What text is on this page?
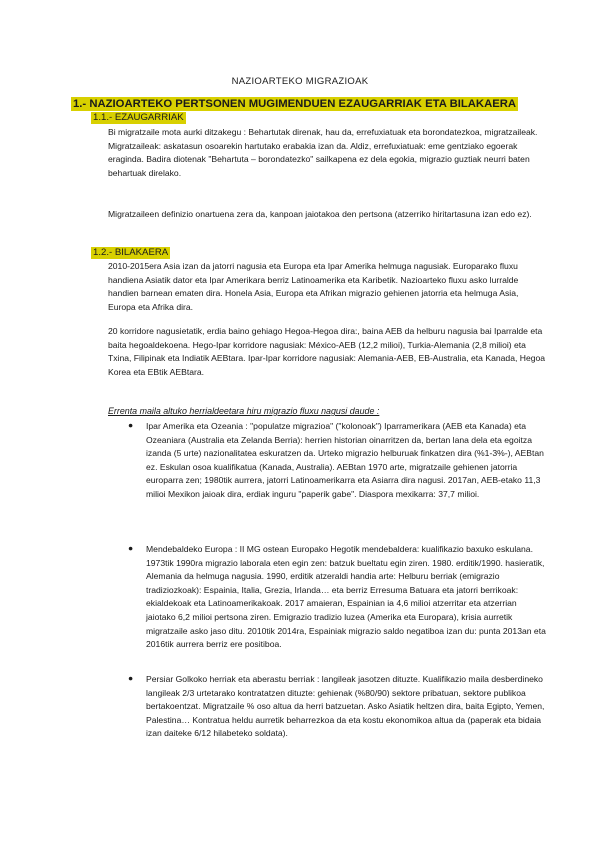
NAZIOARTEKO MIGRAZIOAK
1.- NAZIOARTEKO PERTSONEN MUGIMENDUEN EZAUGARRIAK ETA BILAKAERA
1.1.- EZAUGARRIAK

Bi migratzaile mota aurki ditzakegu : Behartutak direnak, hau da, errefuxiatuak eta borondatezkoa, migratzaileak. Migratzaileak: askatasun osoarekin hartutako erabakia izan da. Aldiz, errefuxiatuak: eme gentziako egoerak eraginda. Badira diotenak "Behartuta – borondatezko" sailkapena ez dela egokia, migrazio guztiak neurri baten behartuak direlako.

Migratzaileen definizio onartuena zera da, kanpoan jaiotakoa den pertsona (atzerriko hiritartasuna izan edo ez).

1.2.- BILAKAERA

2010-2015era Asia izan da jatorri nagusia eta Europa eta Ipar Amerika helmuga nagusiak. Europarako fluxu handiena Asiatik dator eta Ipar Amerikara berriz Latinoamerika eta Karibetik. Nazioarteko fluxu asko lurralde handien barnean ematen dira. Honela Asia, Europa eta Afrikan migrazio gehienen jatorria eta helmuga Asia, Europa eta Afrika dira.

20 korridore nagusietatik, erdia baino gehiago Hegoa-Hegoa dira:, baina AEB da helburu nagusia bai Iparralde eta baita hegoaldekoena. Hego-Ipar korridore nagusiak: México-AEB (12,2 milioi), Turkia-Alemania (2,8 milioi) eta Txina, Filipinak eta Indiatik AEBtara. Ipar-Ipar korridore nagusiak: Alemania-AEB, EB-Australia, eta Kanada, Hegoa Korea eta EBtik AEBtara.

Errenta maila altuko herrialdeetara hiru migrazio fluxu nagusi daude :
●	Ipar Amerika eta Ozeania : "populatze migrazioa" ("kolonoak") Iparramerikara (AEB eta Kanada) eta Ozeaniara (Australia eta Zelanda Berria): herrien historian oinarritzen da, bertan lana dela eta egoitza izanda (5 urte) nazionalitatea eskuratzen da. Urteko migrazio helburuak finkatzen dira (%1-3%-), AEBtan ez. Eskulan osoa kualifikatua (Kanada, Australia). AEBtan 1970 arte, migratzaile gehienen jatorria europarra zen; 1980tik aurrera, jatorri Latinoamerikarra eta Asiarra dira nagusi. 2017an, AEB-etako 11,3 milioi Mexikon jaioak dira, erdiak inguru "paperik gabe". Diaspora mexikarra: 37,7 milioi.
●	Mendebaldeko Europa : II MG ostean Europako Hegotik mendebaldera: kualifikazio baxuko eskulana. 1973tik 1990ra migrazio laborala eten egin zen: batzuk bueltatu egin ziren. 1980. erditik/1990. hasieratik, Alemania da helmuga nagusia. 1990, erditik atzeraldi handia arte: Helburu berriak (emigrazio tradiziozkoak): Espainia, Italia, Grezia, Irlanda… eta berriz Erresuma Batuara eta jatorri berrikoak: ekialdekoak eta Latinoamerikakoak. 2017 amaieran, Espainian ia 4,6 milioi atzerritar eta atzerrian jaiotako 6,2 milioi pertsona ziren. Emigrazio tradizio luzea (Amerika eta Europara), krisia aurretik migratzaile asko jaso ditu. 2010tik 2014ra, Espainiak migrazio saldo negatiboa izan du: punta 2013an eta 2016tik aurrera berriz ere positiboa.
●	Persiar Golkoko herriak eta aberastu berriak : langileak jasotzen dituzte. Kualifikazio maila desberdineko langileak 2/3 urtetarako kontratatzen dituzte: gehienak (%80/90) sektore pribatuan, sektore publikoa bertakoentzat. Migratzaile % oso altua da herri batzuetan. Asko Asiatik heltzen dira, baita Egipto, Yemen, Palestina… Kontratua heldu aurretik beharrezkoa da eta kostu ekonomikoa altua da (paperak eta bidaia izan daiteke 6/12 hilabeteko soldata).
